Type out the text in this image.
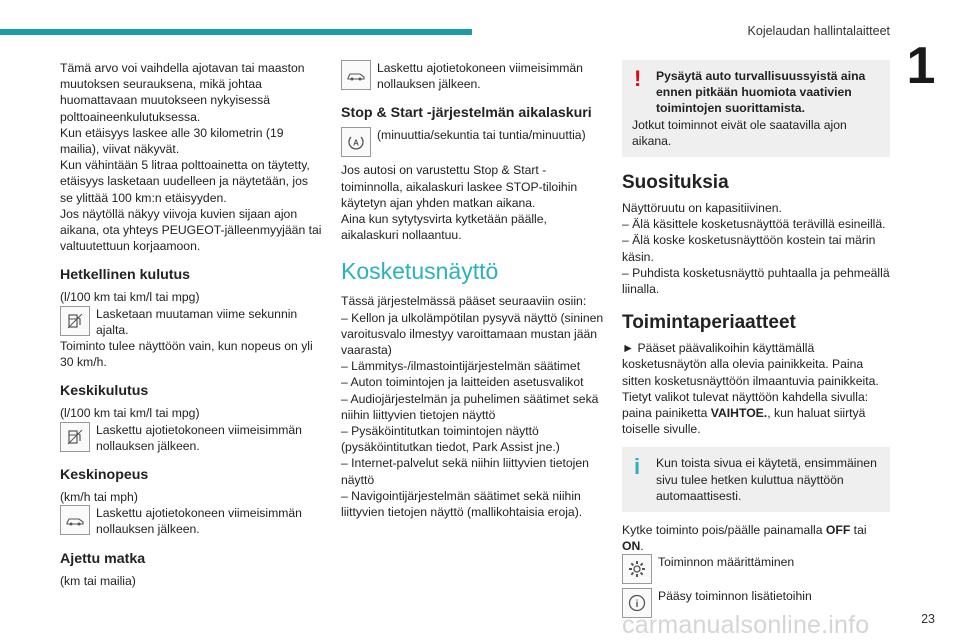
Kojelaudan hallintalaitteet
1

Tämä arvo voi vaihdella ajotavan tai maaston muutoksen seurauksena, mikä johtaa huomattavaan muutokseen nykyisessä polttoaineenkulutuksessa.

Kun etäisyys laskee alle 30 kilometrin (19 mailia), viivat näkyvät.

Kun vähintään 5 litraa polttoainetta on täytetty, etäisyys lasketaan uudelleen ja näytetään, jos se ylittää 100 km:n etäisyyden.

Jos näytöllä näkyy viivoja kuvien sijaan ajon aikana, ota yhteys PEUGEOT-jälleenmyyjään tai valtuutettuun korjaamoon.

Hetkellinen kulutus

(l/100 km tai km/l tai mpg)

Lasketaan muutaman viime sekunnin ajalta.

Toiminto tulee näyttöön vain, kun nopeus on yli 30 km/h.

Keskikulutus

(l/100 km tai km/l tai mpg)

Laskettu ajotietokoneen viimeisimmän nollauksen jälkeen.

Keskinopeus

(km/h tai mph)

Laskettu ajotietokoneen viimeisimmän nollauksen jälkeen.

Ajettu matka

(km tai mailia)

Laskettu ajotietokoneen viimeisimmän nollauksen jälkeen.

Stop & Start -järjestelmän aikalaskuri
A

(minuuttia/sekuntia tai tuntia/minuuttia)

Jos autosi on varustettu Stop & Start -toiminnolla, aikalaskuri laskee STOP-tiloihin käytetyn ajan yhden matkan aikana.

Aina kun sytytysvirta kytketään päälle, aikalaskuri nollaantuu.

Kosketusnäyttö

Tässä järjestelmässä pääset seuraaviin osiin:

– Kellon ja ulkolämpötilan pysyvä näyttö (sininen varoitusvalo ilmestyy varoittamaan mustan jään vaarasta)

– Lämmitys-/ilmastointijärjestelmän säätimet

– Auton toimintojen ja laitteiden asetusvalikot

– Audiojärjestelmän ja puhelimen säätimet sekä niihin liittyvien tietojen näyttö

– Pysäköintitutkan toimintojen näyttö (pysäköintitutkan tiedot, Park Assist jne.)

– Internet-palvelut sekä niihin liittyvien tietojen näyttö

– Navigointijärjestelmän säätimet sekä niihin liittyvien tietojen näyttö (mallikohtaisia eroja).

!	Pysäytä auto turvallisuussyistä aina ennen pitkään huomiota vaativien toimintojen suorittamista.

Jotkut toiminnot eivät ole saatavilla ajon aikana.

Suosituksia

Näyttöruutu on kapasitiivinen.

– Älä käsittele kosketusnäyttöä terävillä esineillä.

– Älä koske kosketusnäyttöön kostein tai märin käsin.

– Puhdista kosketusnäyttö puhtaalla ja pehmeällä liinalla.

Toimintaperiaatteet

► Pääset päävalikoihin käyttämällä kosketusnäytön alla olevia painikkeita. Paina sitten kosketusnäyttöön ilmaantuvia painikkeita.

Tietyt valikot tulevat näyttöön kahdella sivulla: paina painiketta VAIHTOE., kun haluat siirtyä toiselle sivulle.

i	Kun toista sivua ei käytetä, ensimmäinen sivu tulee hetken kuluttua näyttöön automaattisesti.

Kytke toiminto pois/päälle painamalla OFF tai ON.

Toiminnon määrittäminen

i

Pääsy toiminnon lisätietoihin

carmanualsonline.info	23
